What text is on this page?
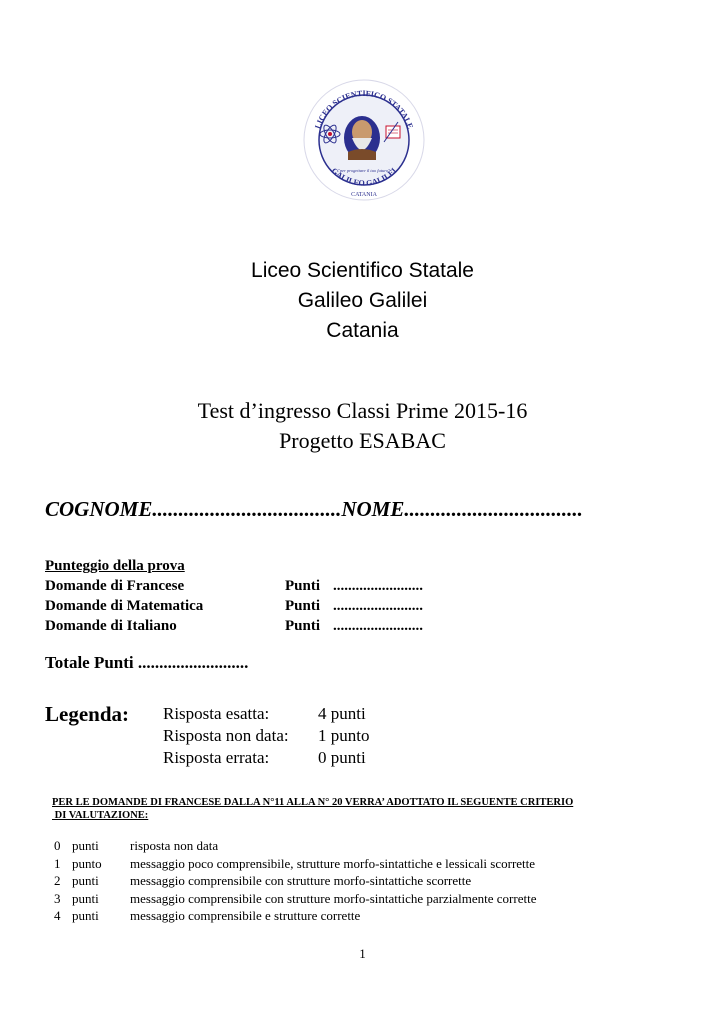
LICEO SCIENTIFICO STATALE
GALILEO GALILEI
"per progettare il tuo futuro"
CATANIA
Liceo Scientifico Statale
Galileo Galilei
Catania
Test d’ingresso Classi Prime 2015-16
Progetto ESABAC
COGNOME....................................NOME..................................
Punteggio della prova
Domande di Francese	Punti ........................
Domande di Matematica	Punti ........................
Domande di Italiano	Punti ........................
Totale Punti ..........................
Legenda: Risposta esatta:	4 punti
Risposta non data: 1 punto
Risposta errata:	0 punti
PER LE DOMANDE DI FRANCESE DALLA N°11 ALLA N° 20 VERRA’ ADOTTATO IL SEGUENTE CRITERIO
DI VALUTAZIONE:
0 punti risposta non data
1 punto messaggio poco comprensibile, strutture morfo-sintattiche e lessicali scorrette
2 punti messaggio comprensibile con strutture morfo-sintattiche scorrette
3 punti messaggio comprensibile con strutture morfo-sintattiche parzialmente corrette
4 punti messaggio comprensibile e strutture corrette
1
